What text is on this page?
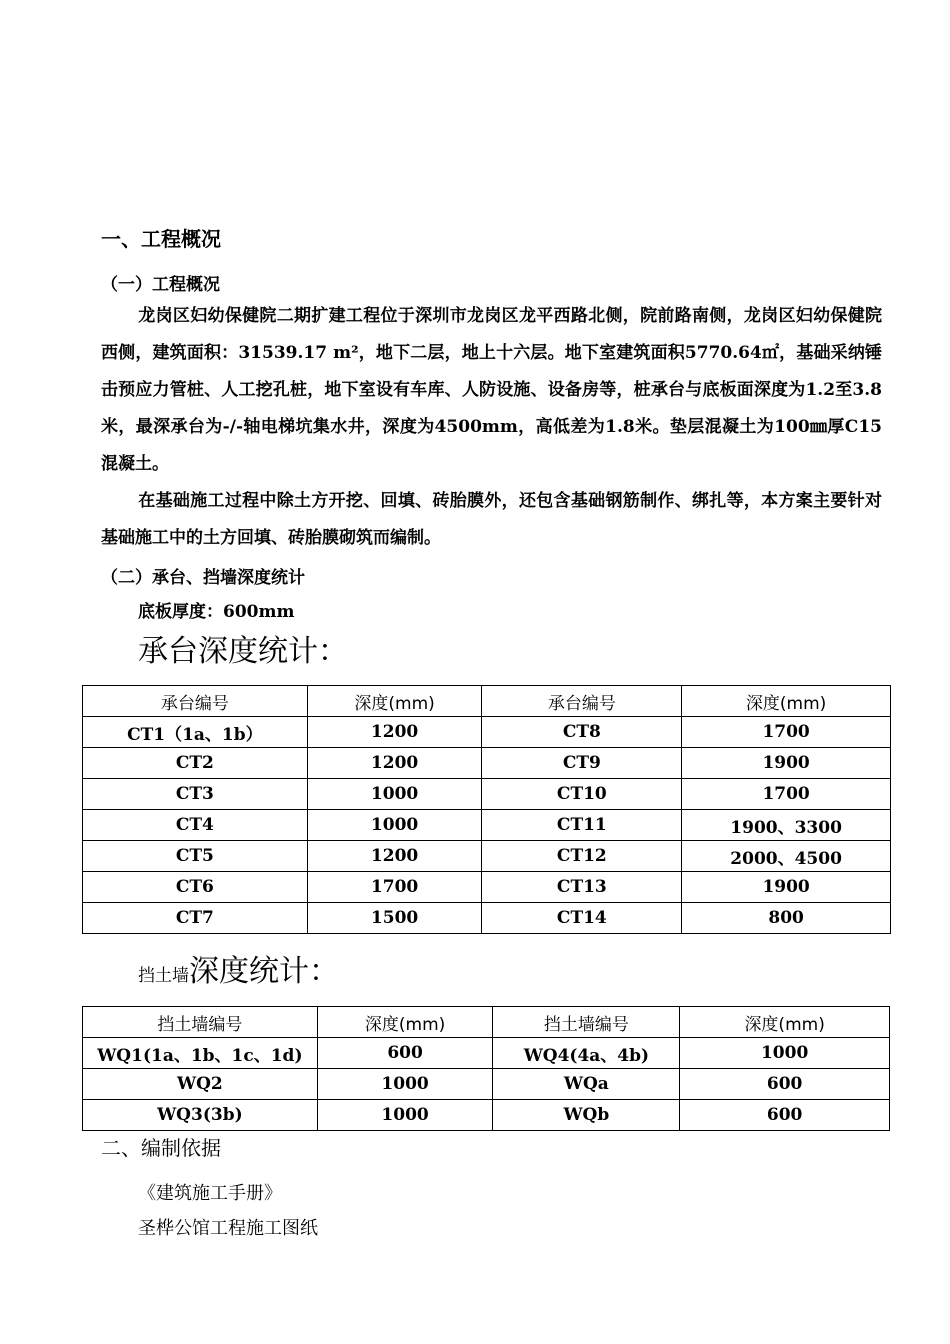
一、工程概况
（一）工程概况
龙岗区妇幼保健院二期扩建工程位于深圳市龙岗区龙平西路北侧，院前路南侧，龙岗区妇幼保健院西侧，建筑面积：31539.17 m²，地下二层，地上十六层。地下室建筑面积5770.64㎡，基础采纳锤击预应力管桩、人工挖孔桩，地下室设有车库、人防设施、设备房等，桩承台与底板面深度为1.2至3.8米，最深承台为-/-轴电梯坑集水井，深度为4500mm，高低差为1.8米。垫层混凝土为100㎜厚C15混凝土。
在基础施工过程中除土方开挖、回填、砖胎膜外，还包含基础钢筋制作、绑扎等，本方案主要针对基础施工中的土方回填、砖胎膜砌筑而编制。
（二）承台、挡墙深度统计
底板厚度：600mm
承台深度统计：
承台编号	深度(mm)	承台编号	深度(mm)
CT1（1a、1b）	1200	CT8	1700
CT2	1200	CT9	1900
CT3	1000	CT10	1700
CT4	1000	CT11	1900、3300
CT5	1200	CT12	2000、4500
CT6	1700	CT13	1900
CT7	1500	CT14	800
挡土墙深度统计：
挡土墙编号	深度(mm)	挡土墙编号	深度(mm)
WQ1(1a、1b、1c、1d)	600	WQ4(4a、4b)	1000
WQ2	1000	WQa	600
WQ3(3b)	1000	WQb	600
二、编制依据
《建筑施工手册》
圣桦公馆工程施工图纸
